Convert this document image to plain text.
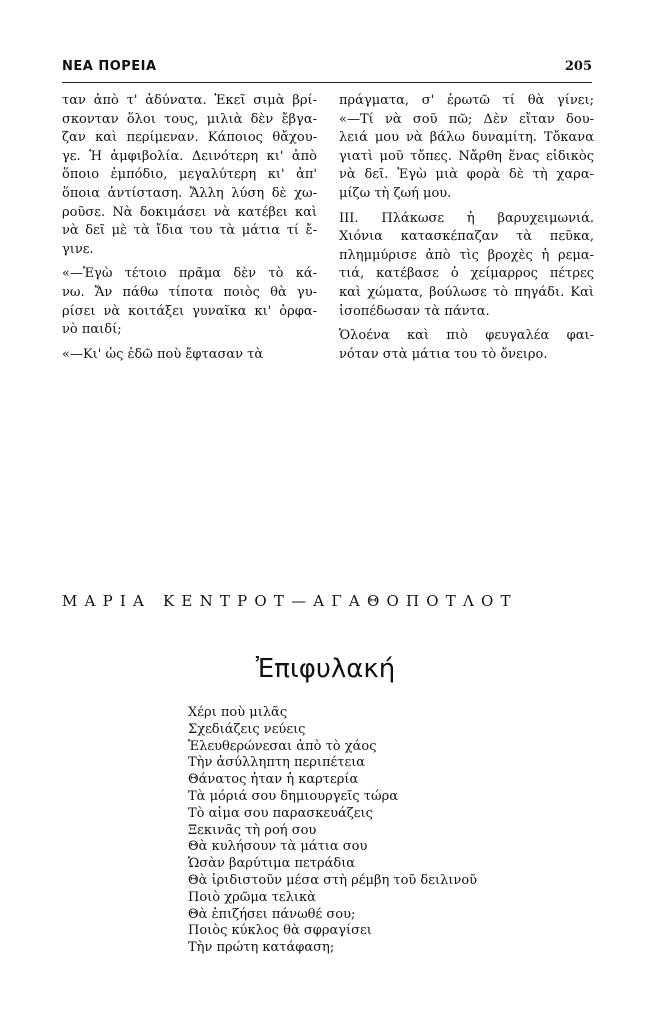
ΝΕΑ ΠΟΡΕΙΑ	205

ταν ἀπὸ τ' ἀδύνατα. Ἐκεῖ σιμὰ βρί-
σκονταν ὅλοι τους, μιλιὰ δὲν ἔβγα-
ζαν καὶ περίμεναν. Κάποιος θἄχου-
γε. Ἡ ἀμφιβολία. Δεινότερη κι' ἀπὸ
ὅποιο ἐμπόδιο, μεγαλύτερη κι' ἀπ'
ὅποια ἀντίσταση. Ἄλλη λύση δὲ χω-
ροῦσε. Νὰ δοκιμάσει νὰ κατέβει καὶ
νὰ δεῖ μὲ τὰ ἴδια του τὰ μάτια τί ἔ-
γινε.

«—Ἐγὼ τέτοιο πρᾶμα δὲν τὸ κά-
νω. Ἄν πάθω τίποτα ποιὸς θὰ γυ-
ρίσει νὰ κοιτάξει γυναῖκα κι' ὀρφα-
νὸ παιδί;

«—Κι' ὡς ἐδῶ ποὺ ἔφτασαν τὰ

πράγματα, σ' ἐρωτῶ τί θὰ γίνει;
«—Τί νὰ σοῦ πῶ; Δὲν εἴταν δου-
λειά μου νὰ βάλω δυναμίτη. Τὄκανα
γιατὶ μοῦ τὄπες. Νἄρθη ἕνας εἰδικὸς
νὰ δεῖ. Ἐγὼ μιὰ φορὰ δὲ τὴ χαρα-
μίζω τὴ ζωή μου.

ΙΙΙ. Πλάκωσε ἡ βαρυχειμωνιά.
Χιόνια κατασκέπαζαν τὰ πεῦκα,
πλημμύρισε ἀπὸ τὶς βροχὲς ἡ ρεμα-
τιά, κατέβασε ὁ χείμαρρος πέτρες
καὶ χώματα, βούλωσε τὸ πηγάδι. Καὶ
ἰσοπέδωσαν τὰ πάντα.

Ὁλοένα καὶ πιὸ φευγαλέα φαι-
νόταν στὰ μάτια του τὸ ὄνειρο.

ΜΑΡΙΑ ΚΕΝΤΡΟΤ—ΑΓΑΘΟΠΟΤΛΟΤ
Ἐπιφυλακή
Χέρι ποὺ μιλᾶς
Σχεδιάζεις νεύεις
Ἐλευθερώνεσαι ἀπὸ τὸ χάος
Τὴν ἀσύλληπτη περιπέτεια
Θάνατος ἦταν ἡ καρτερία
Τὰ μόριά σου δημιουργεῖς τώρα
Τὸ αἷμα σου παρασκευάζεις
Ξεκινᾶς τὴ ροή σου
Θὰ κυλήσουν τὰ μάτια σου
Ὡσὰν βαρύτιμα πετράδια
Θὰ ἰριδιστοῦν μέσα στὴ ρέμβη τοῦ δειλινοῦ
Ποιὸ χρῶμα τελικὰ
Θὰ ἐπιζήσει πάνωθέ σου;
Ποιὸς κύκλος θὰ σφραγίσει
Τὴν πρώτη κατάφαση;
